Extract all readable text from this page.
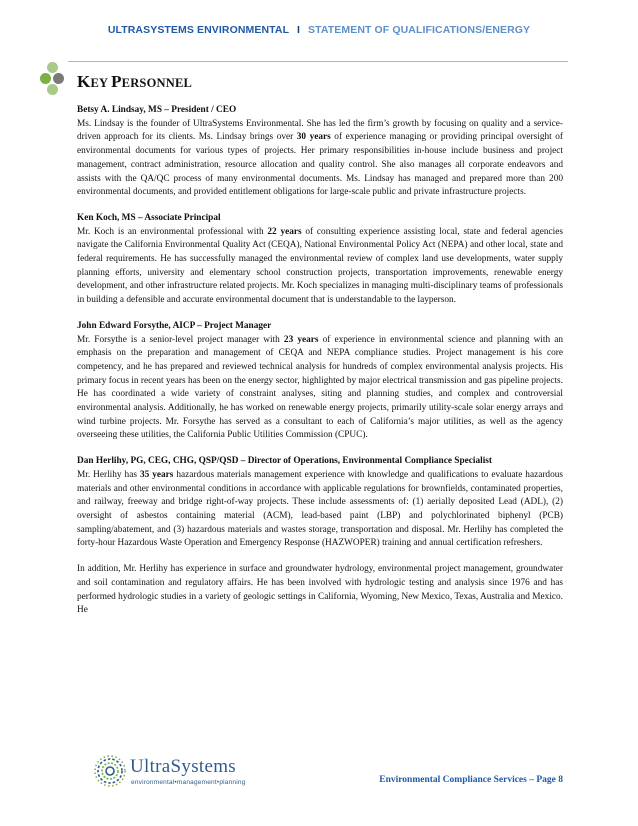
ULTRASYSTEMS ENVIRONMENTAL I STATEMENT OF QUALIFICATIONS/ENERGY
KEY PERSONNEL

Betsy A. Lindsay, MS – President / CEO

Ms. Lindsay is the founder of UltraSystems Environmental. She has led the firm’s growth by focusing on quality and a service-driven approach for its clients. Ms. Lindsay brings over 30 years of experience managing or providing principal oversight of environmental documents for various types of projects. Her primary responsibilities in-house include business and project management, contract administration, resource allocation and quality control. She also manages all corporate endeavors and assists with the QA/QC process of many environmental documents. Ms. Lindsay has managed and prepared more than 200 environmental documents, and provided entitlement obligations for large-scale public and private infrastructure projects.

Ken Koch, MS – Associate Principal

Mr. Koch is an environmental professional with 22 years of consulting experience assisting local, state and federal agencies navigate the California Environmental Quality Act (CEQA), National Environmental Policy Act (NEPA) and other local, state and federal requirements. He has successfully managed the environmental review of complex land use developments, water supply planning efforts, university and elementary school construction projects, transportation improvements, renewable energy development, and other infrastructure related projects. Mr. Koch specializes in managing multi-disciplinary teams of professionals in building a defensible and accurate environmental document that is understandable to the layperson.

John Edward Forsythe, AICP – Project Manager

Mr. Forsythe is a senior-level project manager with 23 years of experience in environmental science and planning with an emphasis on the preparation and management of CEQA and NEPA compliance studies. Project management is his core competency, and he has prepared and reviewed technical analysis for hundreds of complex environmental analysis projects. His primary focus in recent years has been on the energy sector, highlighted by major electrical transmission and gas pipeline projects. He has coordinated a wide variety of constraint analyses, siting and planning studies, and complex and controversial environmental analysis. Additionally, he has worked on renewable energy projects, primarily utility-scale solar energy arrays and wind turbine projects. Mr. Forsythe has served as a consultant to each of California’s major utilities, as well as the agency overseeing these utilities, the California Public Utilities Commission (CPUC).

Dan Herlihy, PG, CEG, CHG, QSP/QSD – Director of Operations, Environmental Compliance Specialist

Mr. Herlihy has 35 years hazardous materials management experience with knowledge and qualifications to evaluate hazardous materials and other environmental conditions in accordance with applicable regulations for brownfields, contaminated properties, and railway, freeway and bridge right-of-way projects. These include assessments of: (1) aerially deposited Lead (ADL), (2) oversight of asbestos containing material (ACM), lead-based paint (LBP) and polychlorinated biphenyl (PCB) sampling/abatement, and (3) hazardous materials and wastes storage, transportation and disposal. Mr. Herlihy has completed the forty-hour Hazardous Waste Operation and Emergency Response (HAZWOPER) training and annual certification refreshers.

In addition, Mr. Herlihy has experience in surface and groundwater hydrology, environmental project management, groundwater and soil contamination and regulatory affairs. He has been involved with hydrologic testing and analysis since 1976 and has performed hydrologic studies in a variety of geologic settings in California, Wyoming, New Mexico, Texas, Australia and Mexico. He

UltraSystems
environmental•management•planning	Environmental Compliance Services – Page 8
